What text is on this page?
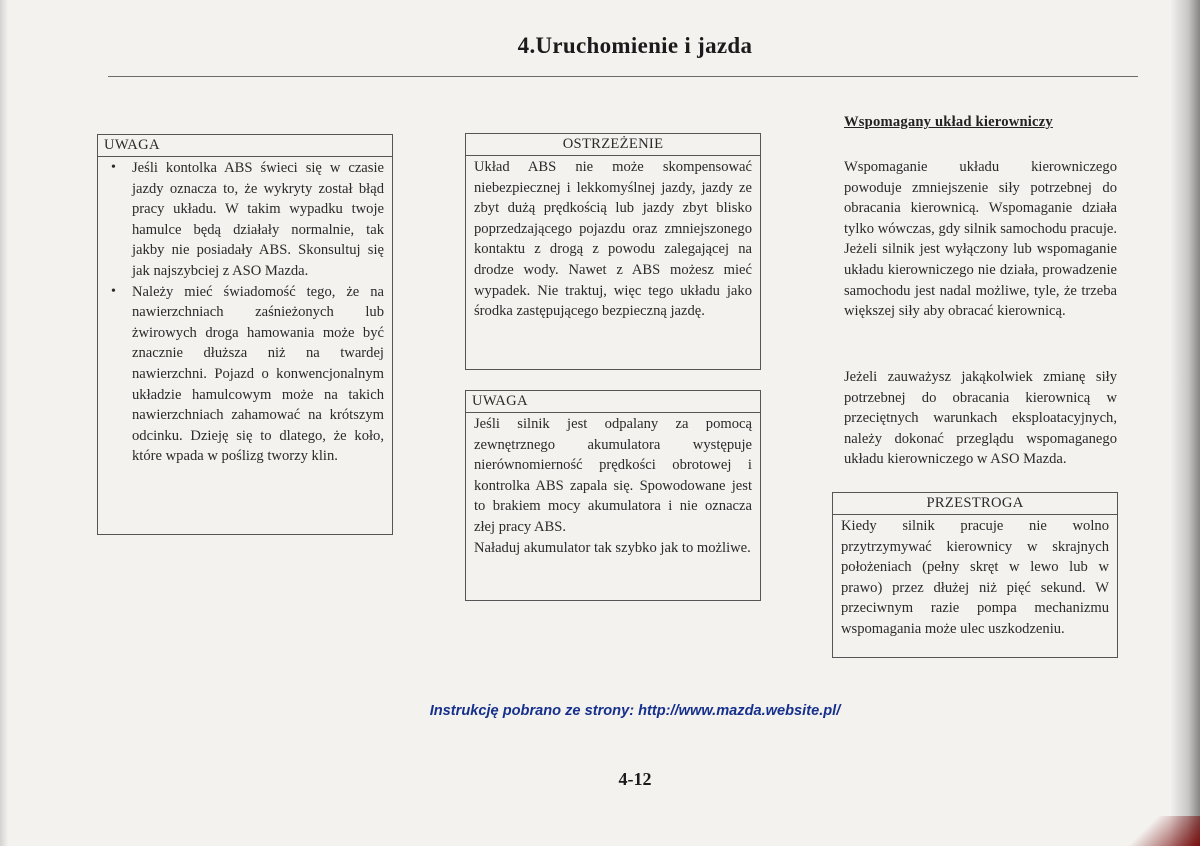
4.Uruchomienie i jazda
UWAGA
• Jeśli kontolka ABS świeci się w czasie jazdy oznacza to, że wykryty został błąd pracy układu. W takim wypadku twoje hamulce będą działały normalnie, tak jakby nie posiadały ABS. Skonsultuj się jak najszybciej z ASO Mazda.
• Należy mieć świadomość tego, że na nawierzchniach zaśnieżonych lub żwirowych droga hamowania może być znacznie dłuższa niż na twardej nawierzchni. Pojazd o konwencjonalnym układzie hamulcowym może na takich nawierzchniach zahamować na krótszym odcinku. Dzieję się to dlatego, że koło, które wpada w poślizg tworzy klin.
OSTRZEŻENIE

Układ ABS nie może skompensować niebezpiecznej i lekkomyślnej jazdy, jazdy ze zbyt dużą prędkością lub jazdy zbyt blisko poprzedzającego pojazdu oraz zmniejszonego kontaktu z drogą z powodu zalegającej na drodze wody. Nawet z ABS możesz mieć wypadek. Nie traktuj, więc tego układu jako środka zastępującego bezpieczną jazdę.

UWAGA

Jeśli silnik jest odpalany za pomocą zewnętrznego akumulatora występuje nierównomierność prędkości obrotowej i kontrolka ABS zapala się. Spowodowane jest to brakiem mocy akumulatora i nie oznacza złej pracy ABS.

Naładuj akumulator tak szybko jak to możliwe.

Wspomagany układ kierowniczy

Wspomaganie układu kierowniczego powoduje zmniejszenie siły potrzebnej do obracania kierownicą. Wspomaganie działa tylko wówczas, gdy silnik samochodu pracuje. Jeżeli silnik jest wyłączony lub wspomaganie układu kierowniczego nie działa, prowadzenie samochodu jest nadal możliwe, tyle, że trzeba większej siły aby obracać kierownicą.

Jeżeli zauważysz jakąkolwiek zmianę siły potrzebnej do obracania kierownicą w przeciętnych warunkach eksploatacyjnych, należy dokonać przeglądu wspomaganego układu kierowniczego w ASO Mazda.

PRZESTROGA

Kiedy silnik pracuje nie wolno przytrzymywać kierownicy w skrajnych położeniach (pełny skręt w lewo lub w prawo) przez dłużej niż pięć sekund. W przeciwnym razie pompa mechanizmu wspomagania może ulec uszkodzeniu.

Instrukcję pobrano ze strony: http://www.mazda.website.pl/
4-12
